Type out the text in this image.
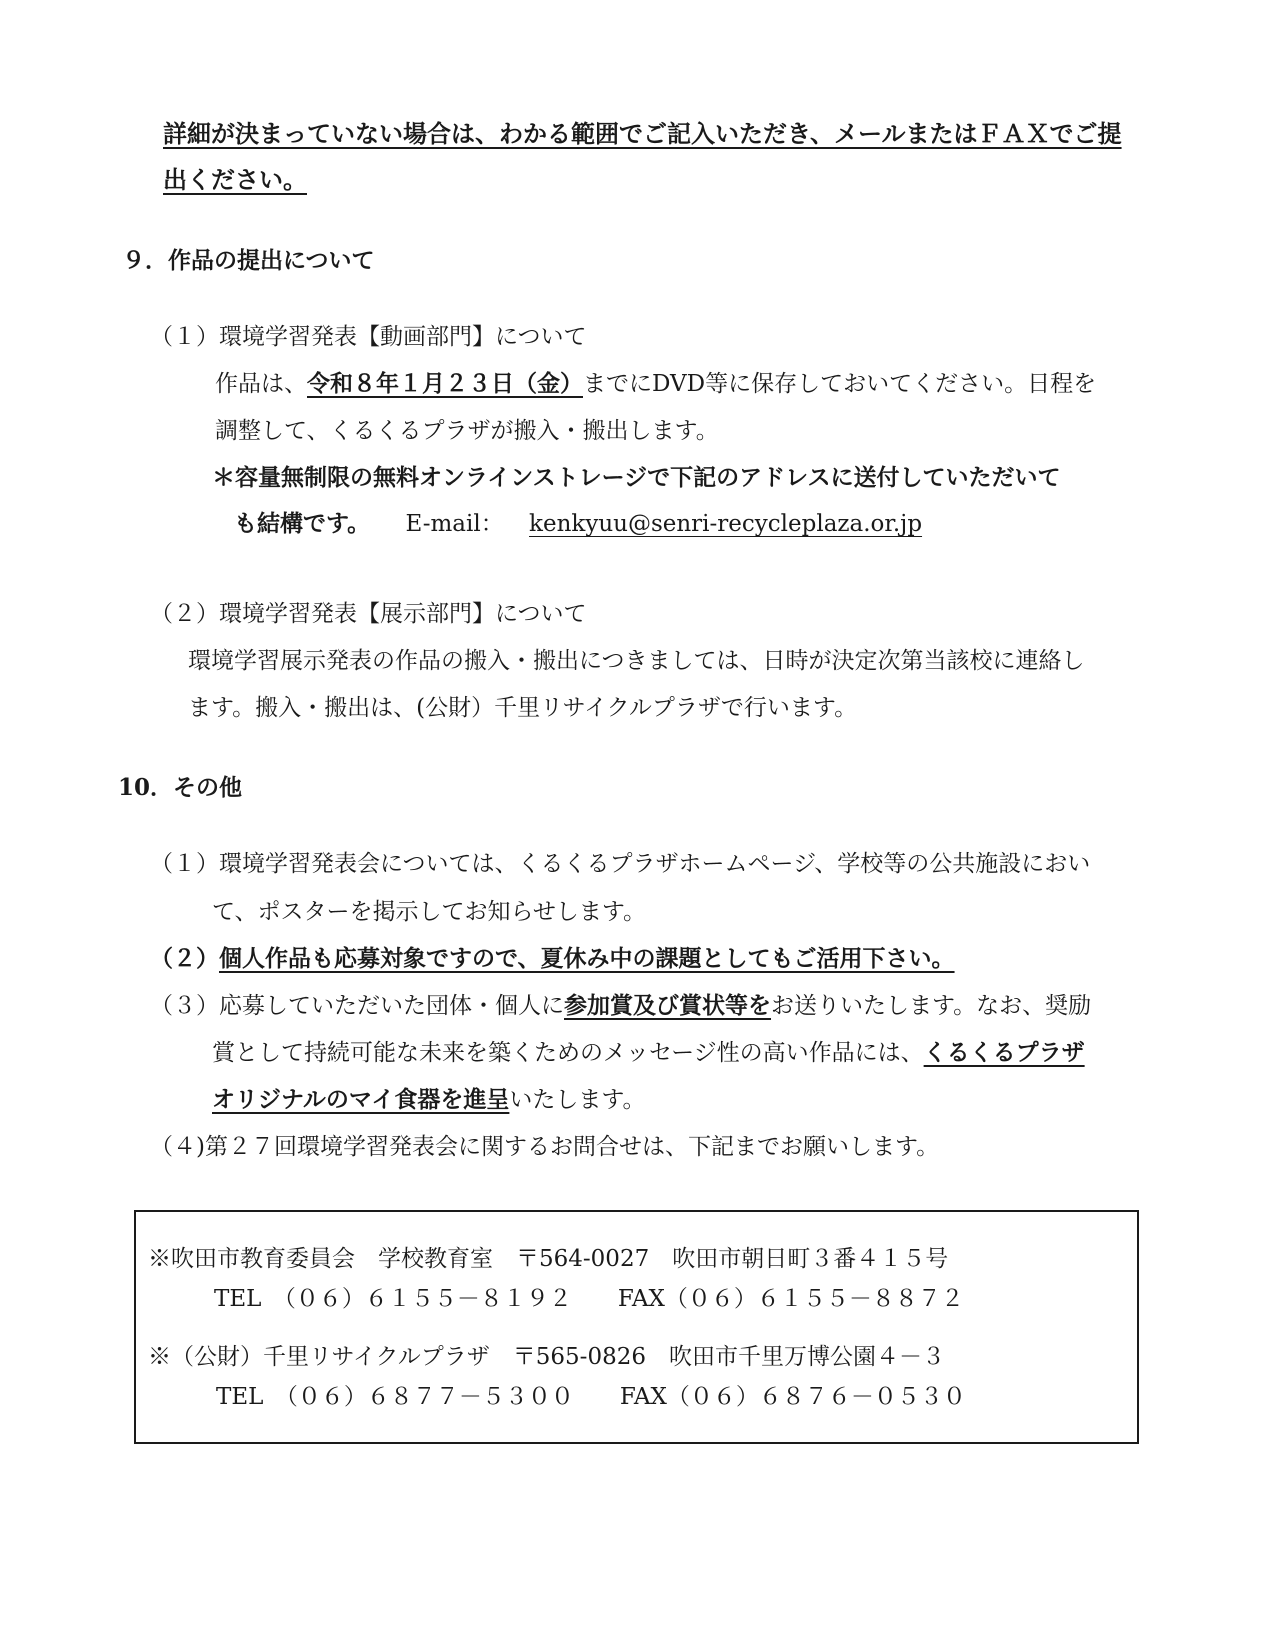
詳細が決まっていない場合は、わかる範囲でご記入いただき、メールまたはＦＡＸでご提
出ください。
９．作品の提出について
（１）環境学習発表【動画部門】について
作品は、令和８年１月２３日（金）までにDVD等に保存しておいてください。日程を
調整して、くるくるプラザが搬入・搬出します。
＊容量無制限の無料オンラインストレージで下記のアドレスに送付していただいて
も結構です。 E-mail： kenkyuu@senri-recycleplaza.or.jp
（２）環境学習発表【展示部門】について
環境学習展示発表の作品の搬入・搬出につきましては、日時が決定次第当該校に連絡し
ます。搬入・搬出は、(公財）千里リサイクルプラザで行います。
10．その他
（１）環境学習発表会については、くるくるプラザホームページ、学校等の公共施設におい
て、ポスターを掲示してお知らせします。
（２）個人作品も応募対象ですので、夏休み中の課題としてもご活用下さい。
（３）応募していただいた団体・個人に参加賞及び賞状等をお送りいたします。なお、奨励
賞として持続可能な未来を築くためのメッセージ性の高い作品には、くるくるプラザ
オリジナルのマイ食器を進呈いたします。
（４)第２７回環境学習発表会に関するお問合せは、下記までお願いします。
※吹田市教育委員会　学校教育室　〒564-0027　吹田市朝日町３番４１５号
TEL　（０６）６１５５－８１９２　　FAX（０６）６１５５－８８７２
※（公財）千里リサイクルプラザ　〒565-0826　吹田市千里万博公園４－３
TEL　（０６）６８７７－５３００　　FAX（０６）６８７６－０５３０
